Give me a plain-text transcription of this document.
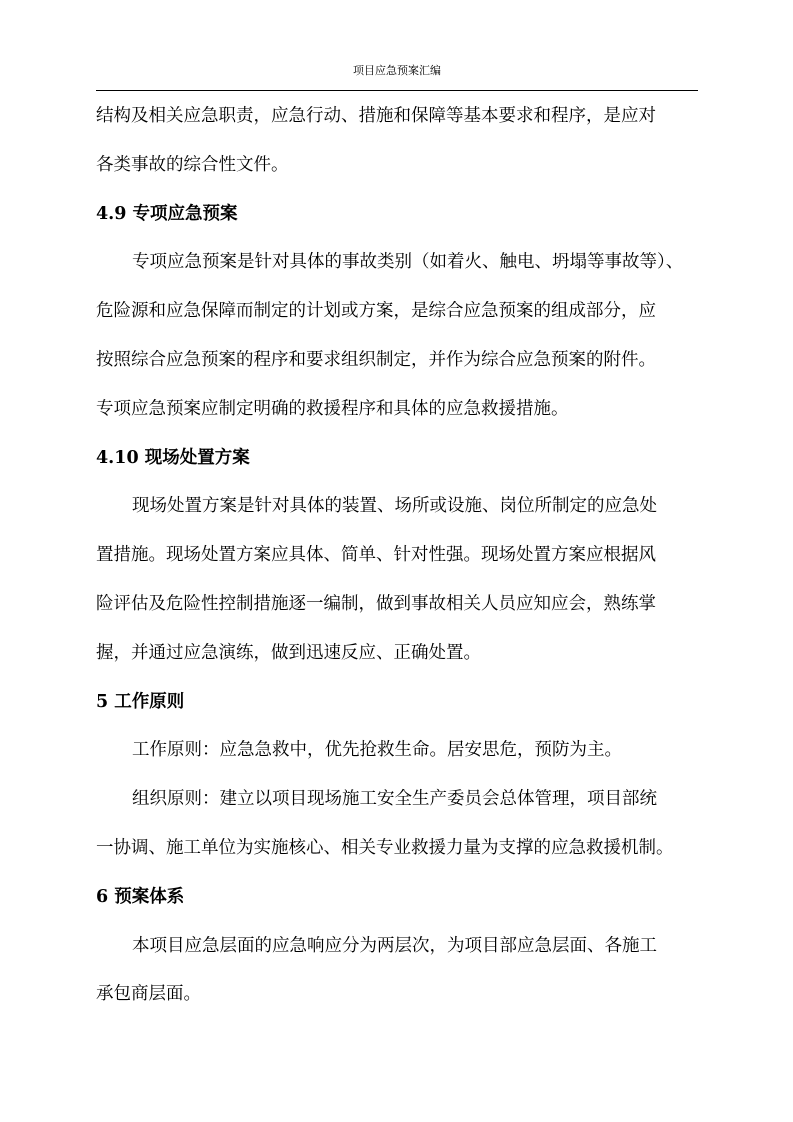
项目应急预案汇编

结构及相关应急职责，应急行动、措施和保障等基本要求和程序，是应对

各类事故的综合性文件。

4.9 专项应急预案

专项应急预案是针对具体的事故类别（如着火、触电、坍塌等事故等）、

危险源和应急保障而制定的计划或方案，是综合应急预案的组成部分，应

按照综合应急预案的程序和要求组织制定，并作为综合应急预案的附件。

专项应急预案应制定明确的救援程序和具体的应急救援措施。

4.10 现场处置方案

现场处置方案是针对具体的装置、场所或设施、岗位所制定的应急处

置措施。现场处置方案应具体、简单、针对性强。现场处置方案应根据风

险评估及危险性控制措施逐一编制，做到事故相关人员应知应会，熟练掌

握，并通过应急演练，做到迅速反应、正确处置。

5 工作原则

工作原则：应急急救中，优先抢救生命。居安思危，预防为主。

组织原则：建立以项目现场施工安全生产委员会总体管理，项目部统

一协调、施工单位为实施核心、相关专业救援力量为支撑的应急救援机制。

6 预案体系

本项目应急层面的应急响应分为两层次，为项目部应急层面、各施工

承包商层面。
